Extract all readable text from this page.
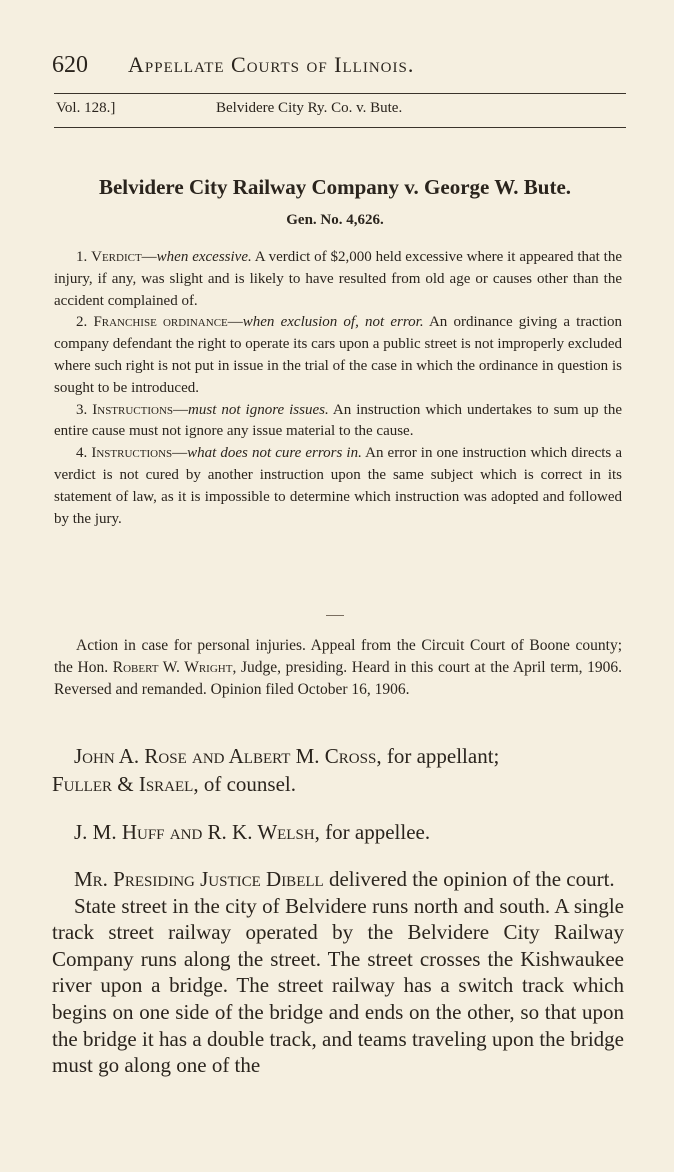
620 Appellate Courts of Illinois.
Vol. 128.]	Belvidere City Ry. Co. v. Bute.
Belvidere City Railway Company v. George W. Bute.
Gen. No. 4,626.

1. Verdict—when excessive. A verdict of $2,000 held excessive where it appeared that the injury, if any, was slight and is likely to have resulted from old age or causes other than the accident complained of.

2. Franchise ordinance—when exclusion of, not error. An ordinance giving a traction company defendant the right to operate its cars upon a public street is not improperly excluded where such right is not put in issue in the trial of the case in which the ordinance in question is sought to be introduced.

3. Instructions—must not ignore issues. An instruction which undertakes to sum up the entire cause must not ignore any issue material to the cause.

4. Instructions—what does not cure errors in. An error in one instruction which directs a verdict is not cured by another instruction upon the same subject which is correct in its statement of law, as it is impossible to determine which instruction was adopted and followed by the jury.

Action in case for personal injuries. Appeal from the Circuit Court of Boone county; the Hon. Robert W. Wright, Judge, presiding. Heard in this court at the April term, 1906. Reversed and remanded. Opinion filed October 16, 1906.

John A. Rose and Albert M. Cross, for appellant;
Fuller & Israel, of counsel.

J. M. Huff and R. K. Welsh, for appellee.

Mr. Presiding Justice Dibell delivered the opinion of the court.

State street in the city of Belvidere runs north and south. A single track street railway operated by the Belvidere City Railway Company runs along the street. The street crosses the Kishwaukee river upon a bridge. The street railway has a switch track which begins on one side of the bridge and ends on the other, so that upon the bridge it has a double track, and teams traveling upon the bridge must go along one of the
